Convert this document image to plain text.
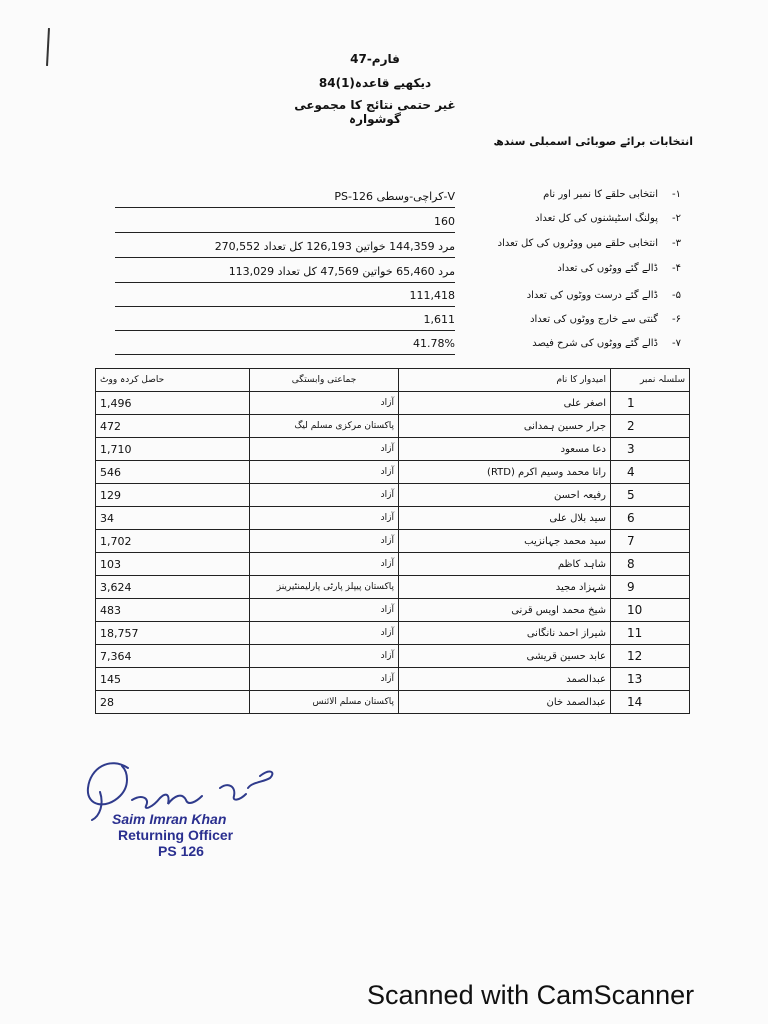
فارم-47
دیکھیے قاعدہ(1)84
غیر حتمی نتائج کا مجموعی گوشوارہ
انتخابات برائے صوبائی اسمبلی سندھ
انتخابی حلقے کا نمبر اور نام -۱
PS-126 کراچی-وسطی-V
پولنگ اسٹیشنوں کی کل تعداد -۲
160
انتخابی حلقے میں ووٹروں کی کل تعداد -۳
مرد 144,359 خواتین 126,193 کل تعداد 270,552
ڈالے گئے ووٹوں کی تعداد -۴
مرد 65,460 خواتین 47,569 کل تعداد 113,029
ڈالے گئے درست ووٹوں کی تعداد -۵
111,418
گنتی سے خارج ووٹوں کی تعداد -۶
1,611
ڈالے گئے ووٹوں کی شرح فیصد -۷
41.78%
حاصل کردہ ووٹ	جماعتی وابستگی	امیدوار کا نام	سلسلہ نمبر
1,496	آزاد	اصغر علی	1
472	پاکستان مرکزی مسلم لیگ	جرار حسین ہمدانی	2
1,710	آزاد	دعا مسعود	3
546	آزاد	رانا محمد وسیم اکرم (RTD)	4
129	آزاد	رفیعہ احسن	5
34	آزاد	سید بلال علی	6
1,702	آزاد	سید محمد جہانزیب	7
103	آزاد	شاہد کاظم	8
3,624	پاکستان پیپلز پارٹی پارلیمنٹیرینز	شہزاد مجید	9
483	آزاد	شیخ محمد اویس قرنی	10
18,757	آزاد	شیراز احمد نانگانی	11
7,364	آزاد	عابد حسین قریشی	12
145	آزاد	عبدالصمد	13
28	پاکستان مسلم الائنس	عبدالصمد خان	14
Saim Imran Khan
Returning Officer
PS 126
Scanned with CamScanner
